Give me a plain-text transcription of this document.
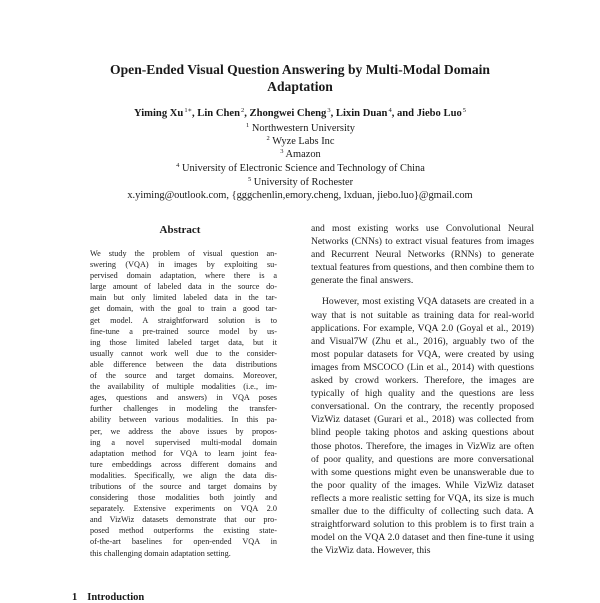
Open-Ended Visual Question Answering by Multi-Modal Domain Adaptation
Yiming $Xu^{1∗}$, Lin Chen$^2$, Zhongwei Cheng$^3$, Lixin Duan$^4$, and Jiebo Luo$^5$
$^1$ Northwestern University
$^2$ Wyze Labs Inc
$^3$ Amazon
$^4$ University of Electronic Science and Technology of China
$^5$ University of Rochester
x.yiming@outlook.com, {gggchenlin,emory.cheng, lxduan, jiebo.luo}@gmail.com
Abstract

We study the problem of visual question an-
swering (VQA) in images by exploiting su-
pervised domain adaptation, where there is a
large amount of labeled data in the source do-
main but only limited labeled data in the tar-
get domain, with the goal to train a good tar-
get model. A straightforward solution is to
fine-tune a pre-trained source model by us-
ing those limited labeled target data, but it
usually cannot work well due to the consider-
able difference between the data distributions
of the source and target domains. Moreover,
the availability of multiple modalities (i.e., im-
ages, questions and answers) in VQA poses
further challenges in modeling the transfer-
ability between various modalities. In this pa-
per, we address the above issues by propos-
ing a novel supervised multi-modal domain
adaptation method for VQA to learn joint fea-
ture embeddings across different domains and
modalities. Specifically, we align the data dis-
tributions of the source and target domains by
considering those modalities both jointly and
separately. Extensive experiments on VQA 2.0
and VizWiz datasets demonstrate that our pro-
posed method outperforms the existing state-
of-the-art baselines for open-ended VQA in
this challenging domain adaptation setting.

and most existing works use Convolutional Neural Networks (CNNs) to extract visual features from images and Recurrent Neural Networks (RNNs) to generate textual features from questions, and then combine them to generate the final answers.

However, most existing VQA datasets are created in a way that is not suitable as training data for real-world applications. For example, VQA 2.0 (Goyal et al., 2019) and Visual7W (Zhu et al., 2016), arguably two of the most popular datasets for VQA, were created by using images from MSCOCO (Lin et al., 2014) with questions asked by crowd workers. Therefore, the images are typically of high quality and the questions are less conversational. On the contrary, the recently proposed VizWiz dataset (Gurari et al., 2018) was collected from blind people taking photos and asking questions about those photos. Therefore, the images in VizWiz are often of poor quality, and questions are more conversational with some questions might even be unanswerable due to the poor quality of the images. While VizWiz dataset reflects a more realistic setting for VQA, its size is much smaller due to the difficulty of collecting such data. A straightforward solution to this problem is to first train a model on the VQA 2.0 dataset and then fine-tune it using the VizWiz data. However, this

1 Introduction
